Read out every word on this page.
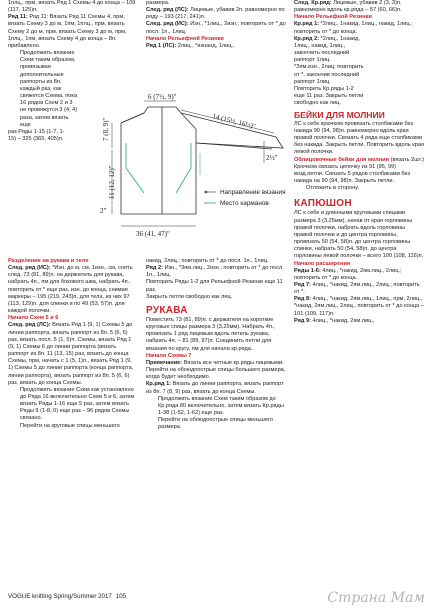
1плц., прм, вязать Ряд 1 Схемы 4 до конца – 109 (117, 125)п.

Ряд 11: Ряд 11: Вязать Ряд 11 Схемы 4, прм, вязать Схему 3 до м, 1пм, 1плц., прм, вязать Схему 2 до м, прм, вязать Схему 3 до м, прм, 1плц., 1пм, вязать Схему 4 до конца – 8п. прибавлено.

Продолжить вязание Схем таким образом, провязывая дополнительные раппорты из 8п. каждый раз, как свяжется Схема, пока 16 рядов Схем 2 и 3 не провяжутся 3 (4, 4) раза, затем вязать еще

раз Ряды 1-15 (1-7, 1-15) – 325 (365, 405)п.

Разделение на рукава и тело

След. ряд (ИС): *Изн. до м, см. 1изн., см, снять след. 73 (81, 89)п. на держатель для рукава, набрать 4п., пм для бокового шва, набрать 4п., повторить от * еще раз, изн. до конца, снимая маркеры – 195 (219, 243)п. для тела, из них 97 (113, 129)п. для спинки и по 49 (53, 57)п. для каждой полочки.

Начало Схем 5 и 6

След. ряд (ЛС): Вязать Ряд 1 (9, 1) Схемы 5 до линии раппорта, вязать раппорт из 8п. 5 (6, 6) раз, вязать посл. 5 (1, 5)п. Схемы, вязать Ряд 1 (9, 1) Схемы 6 до линии раппорта (вязать раппорт из 8п. 11 (13, 15) раз, вязать до конца Схемы, прм, начать с 1 (5, 1)п., вязать Ряд 1 (9, 1) Схемы 5 до линии раппорта (конца раппорта, линии раппорта), вязать раппорт из 8п. 5 (6, 6) раз, вязать до конца Схемы.

Продолжить вязание Схем как установлено до Ряда 16 включительно Схем 5 и 6, затем вязать Ряды 1-16 еще 5 раз, затем вязать Ряды 9 (1-8, 0) еще раз – 96 рядов Схемы связано.

Перейти на круговые спицы меньшего

размера.

След. ряд (ЛС): Лицевые, убавив 2п. равномерно по ряду – 193 (217, 241)п.

След. ряд (ИС): Изн., *1лиц., 2изн.; повторить от * до посл. 1п., 1лиц.

Начало Рельефной Резинки

Ряд 1 (ЛС): 2лиц., *изнанд, 1лиц.,

6 (7½, 9)"
14 (15½, 16½)"
7 (8, 9)"
11 (12, 12)"
2"
36 (41, 47)"
2½"
Направление вязания
Место карманов

накид, 2лиц.; повторить от * до посл. 1п., 1лиц.

Ряд 2: Изн., *3ям.лиц., 2изн.; повторить от * до посл. 1п., 1лиц.

Повторить Ряды 1-2 для Рельефной Резинки еще 11 раз.

Закрыть петли свободно как лиц.

РУКАВА

Поместить 73 (81, 89)п. с держателя на короткие круговые спицы размера 3 (3,25мм). Набрать 4п., провязать 1 ряд лицевым вдоль петель рукава, набрать 4п. – 81 (89, 97)п. Соединить петли для вязания по кругу, пм для начала кр.ряда.

Начало Схемы 7

Примечание: Вязать все четные кр.ряды лицевыми. Перейти на обоюдоострые спицы большего размера, когда будет необходимо.

Кр.ряд 1: Вязать до линии раппорта, вязать раппорт из 8п. 7 (8, 9) раз, вязать до конца Схемы.

Продолжить вязание Схем таким образом до Кр.ряда 80 включительно, затем вязать Кр.ряды 1-38 (1-52, 1-62) еще раз.

Перейти на обоюдоострые спицы меньшего размера.

След. Кр.ряд: Лицевые, убавив 2 (3, 3)п. равномерно вдоль кр.ряда – 57 (60, 66)п.

Начало Рельефной Резинки

Кр.ряд 1: *2лиц., 1накид, 1лиц., накид, 1лиц.; повторить от * до конца.

Кр.ряд 2: *2лиц., 1накид, 1лиц., накид, 1лиц., закончить последний раппорт 1лиц.

*Зям.изн., 2лиц; повторить от *, закончив последний раппорт 1лиц.

Повторить Кр.ряды 1-2 еще 11 раз. Закрыть петли свободно как лиц.

БЕЙКИ ДЛЯ МОЛНИИ

ЛС к себе крючком провязать столбиками без накида 90 (94, 98)п. равномерно вдоль края правой полочки. Связать 4 ряда еще столбиками без накида. Закрыть петли. Повторить вдоль края левой полочки.

Облицовочные бейки для молнии (вязать 2шт.)

Крючком связать цепочку из 91 (95, 99) возд.петли. Связать 5 рядов столбиками без накида на 90 (94, 98)п. Закрыть петли.

Отложить в сторону.

КАПЮШОН

ЛС к себе и длинными круговыми спицами размера 3 (3,25мм), начав от края горловины правой полочки, набрать вдоль горловины правой полочки и до центра горловины, провязать 50 (54, 58)п. до центра горловины спинки, набрать 50 (54, 58)п. до центра горловины левой полочки – всего 100 (108, 116)п.

Начало расширения

Ряды 1-6: 4лиц., *накид, 2ям.лиц., 2лиц.; повторить от * до конца.

Ряд 7: 4лиц., *накид, 2ям.лиц., 2лиц.; повторить от *.

Ряд 8: 4лиц., *накид, 2ям.лиц., 1лиц., прм, 2лиц., *накид, 2ям.лиц., 2лиц., повторить от * до конца – 101 (109, 117)п.

Ряд 9: 4лиц., *накид, 2ям.лиц.,

VOGUE knitting Spring/Summer 2017 105	Страна Мам
